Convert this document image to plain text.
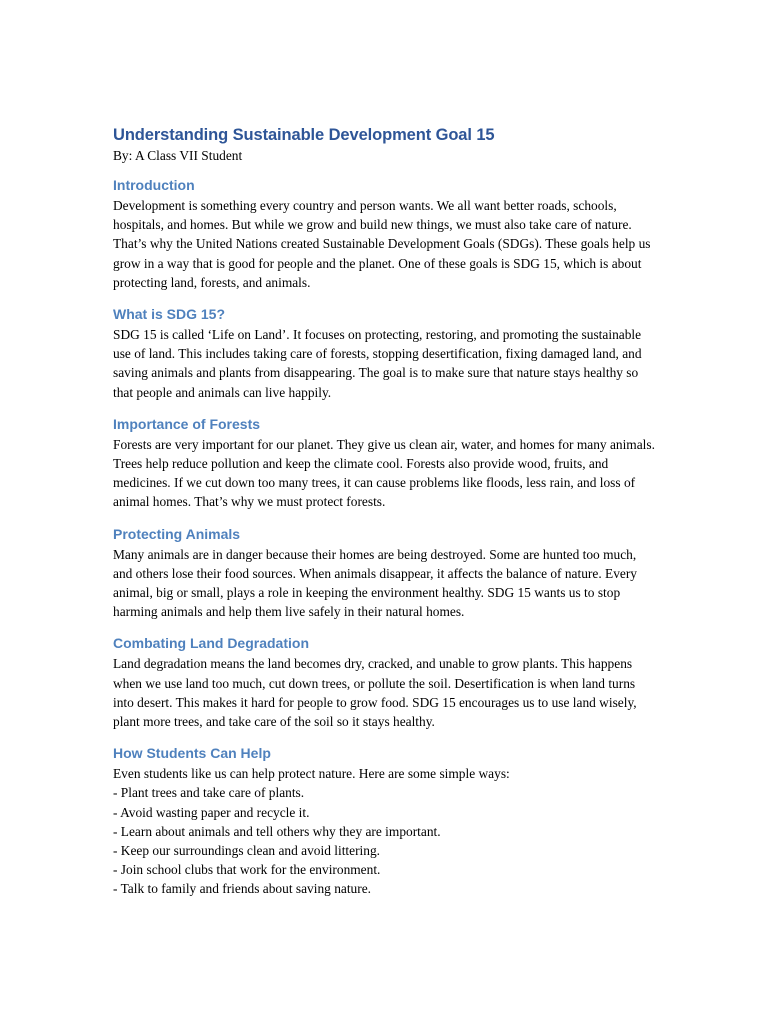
Understanding Sustainable Development Goal 15

By: A Class VII Student

Introduction

Development is something every country and person wants. We all want better roads, schools, hospitals, and homes. But while we grow and build new things, we must also take care of nature. That’s why the United Nations created Sustainable Development Goals (SDGs). These goals help us grow in a way that is good for people and the planet. One of these goals is SDG 15, which is about protecting land, forests, and animals.

What is SDG 15?

SDG 15 is called ‘Life on Land’. It focuses on protecting, restoring, and promoting the sustainable use of land. This includes taking care of forests, stopping desertification, fixing damaged land, and saving animals and plants from disappearing. The goal is to make sure that nature stays healthy so that people and animals can live happily.

Importance of Forests

Forests are very important for our planet. They give us clean air, water, and homes for many animals. Trees help reduce pollution and keep the climate cool. Forests also provide wood, fruits, and medicines. If we cut down too many trees, it can cause problems like floods, less rain, and loss of animal homes. That’s why we must protect forests.

Protecting Animals

Many animals are in danger because their homes are being destroyed. Some are hunted too much, and others lose their food sources. When animals disappear, it affects the balance of nature. Every animal, big or small, plays a role in keeping the environment healthy. SDG 15 wants us to stop harming animals and help them live safely in their natural homes.

Combating Land Degradation

Land degradation means the land becomes dry, cracked, and unable to grow plants. This happens when we use land too much, cut down trees, or pollute the soil. Desertification is when land turns into desert. This makes it hard for people to grow food. SDG 15 encourages us to use land wisely, plant more trees, and take care of the soil so it stays healthy.

How Students Can Help

Even students like us can help protect nature. Here are some simple ways:

- Plant trees and take care of plants.

- Avoid wasting paper and recycle it.

- Learn about animals and tell others why they are important.

- Keep our surroundings clean and avoid littering.

- Join school clubs that work for the environment.

- Talk to family and friends about saving nature.
